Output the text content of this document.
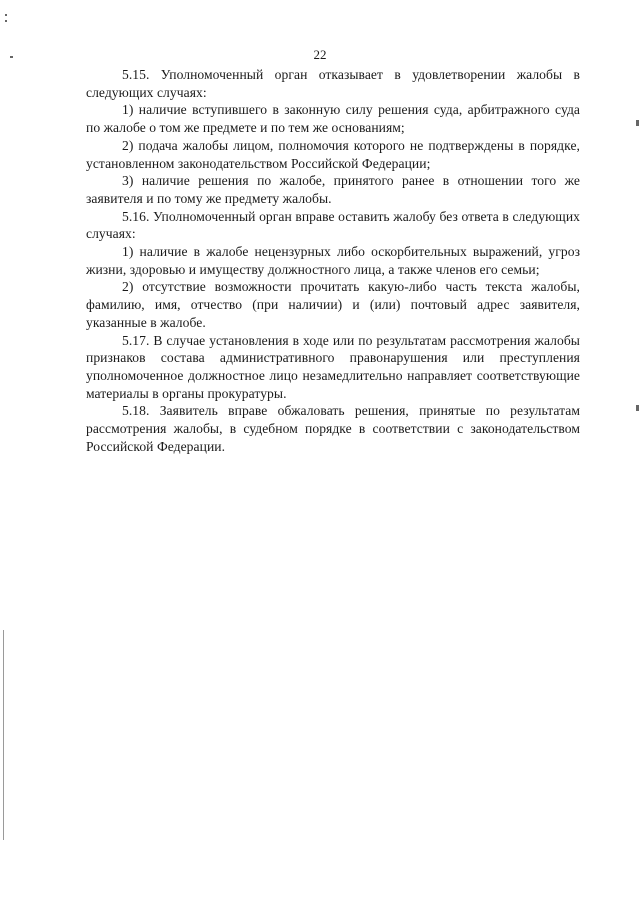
22

5.15. Уполномоченный орган отказывает в удовлетворении жалобы в следующих случаях:

1) наличие вступившего в законную силу решения суда, арбитражного суда по жалобе о том же предмете и по тем же основаниям;

2) подача жалобы лицом, полномочия которого не подтверждены в порядке, установленном законодательством Российской Федерации;

3) наличие решения по жалобе, принятого ранее в отношении того же заявителя и по тому же предмету жалобы.

5.16. Уполномоченный орган вправе оставить жалобу без ответа в следующих случаях:

1) наличие в жалобе нецензурных либо оскорбительных выражений, угроз жизни, здоровью и имуществу должностного лица, а также членов его семьи;

2) отсутствие возможности прочитать какую-либо часть текста жалобы, фамилию, имя, отчество (при наличии) и (или) почтовый адрес заявителя, указанные в жалобе.

5.17. В случае установления в ходе или по результатам рассмотрения жалобы признаков состава административного правонарушения или преступления уполномоченное должностное лицо незамедлительно направляет соответствующие материалы в органы прокуратуры.

5.18. Заявитель вправе обжаловать решения, принятые по результатам рассмотрения жалобы, в судебном порядке в соответствии с законодательством Российской Федерации.
